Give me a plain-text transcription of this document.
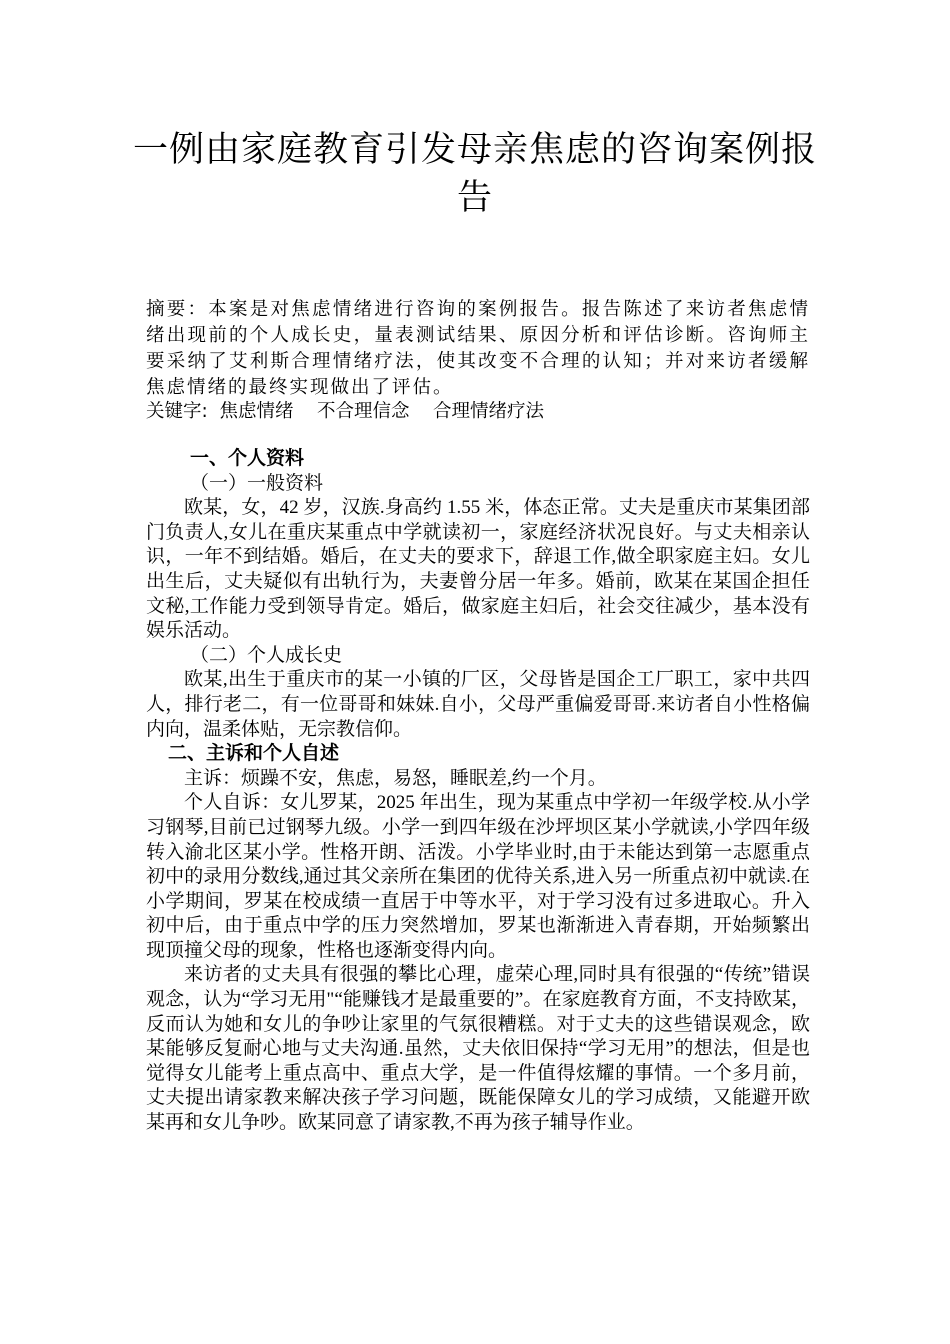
一例由家庭教育引发母亲焦虑的咨询案例报告

摘要：本案是对焦虑情绪进行咨询的案例报告。报告陈述了来访者焦虑情绪出现前的个人成长史，量表测试结果、原因分析和评估诊断。咨询师主要采纳了艾利斯合理情绪疗法，使其改变不合理的认知；并对来访者缓解焦虑情绪的最终实现做出了评估。

关键字:  焦虑情绪    不合理信念    合理情绪疗法

一、个人资料

（一）一般资料

欧某，女，42 岁，汉族.身高约 1.55 米，体态正常。丈夫是重庆市某集团部门负责人,女儿在重庆某重点中学就读初一，家庭经济状况良好。与丈夫相亲认识，一年不到结婚。婚后，在丈夫的要求下，辞退工作,做全职家庭主妇。女儿出生后，丈夫疑似有出轨行为，夫妻曾分居一年多。婚前，欧某在某国企担任文秘,工作能力受到领导肯定。婚后，做家庭主妇后，社会交往减少，基本没有娱乐活动。

（二）个人成长史

欧某,出生于重庆市的某一小镇的厂区，父母皆是国企工厂职工，家中共四人，排行老二，有一位哥哥和妹妹.自小，父母严重偏爱哥哥.来访者自小性格偏内向，温柔体贴，无宗教信仰。

二、主诉和个人自述

主诉：烦躁不安，焦虑，易怒，睡眠差,约一个月。

个人自诉：女儿罗某，2025 年出生，现为某重点中学初一年级学校.从小学习钢琴,目前已过钢琴九级。小学一到四年级在沙坪坝区某小学就读,小学四年级转入渝北区某小学。性格开朗、活泼。小学毕业时,由于未能达到第一志愿重点初中的录用分数线,通过其父亲所在集团的优待关系,进入另一所重点初中就读.在小学期间，罗某在校成绩一直居于中等水平，对于学习没有过多进取心。升入初中后，由于重点中学的压力突然增加，罗某也渐渐进入青春期，开始频繁出现顶撞父母的现象，性格也逐渐变得内向。

来访者的丈夫具有很强的攀比心理，虚荣心理,同时具有很强的“传统”错误观念，认为“学习无用"“能赚钱才是最重要的”。在家庭教育方面，不支持欧某，反而认为她和女儿的争吵让家里的气氛很糟糕。对于丈夫的这些错误观念，欧某能够反复耐心地与丈夫沟通.虽然，丈夫依旧保持“学习无用”的想法，但是也觉得女儿能考上重点高中、重点大学，是一件值得炫耀的事情。一个多月前，丈夫提出请家教来解决孩子学习问题，既能保障女儿的学习成绩，又能避开欧某再和女儿争吵。欧某同意了请家教,不再为孩子辅导作业。
